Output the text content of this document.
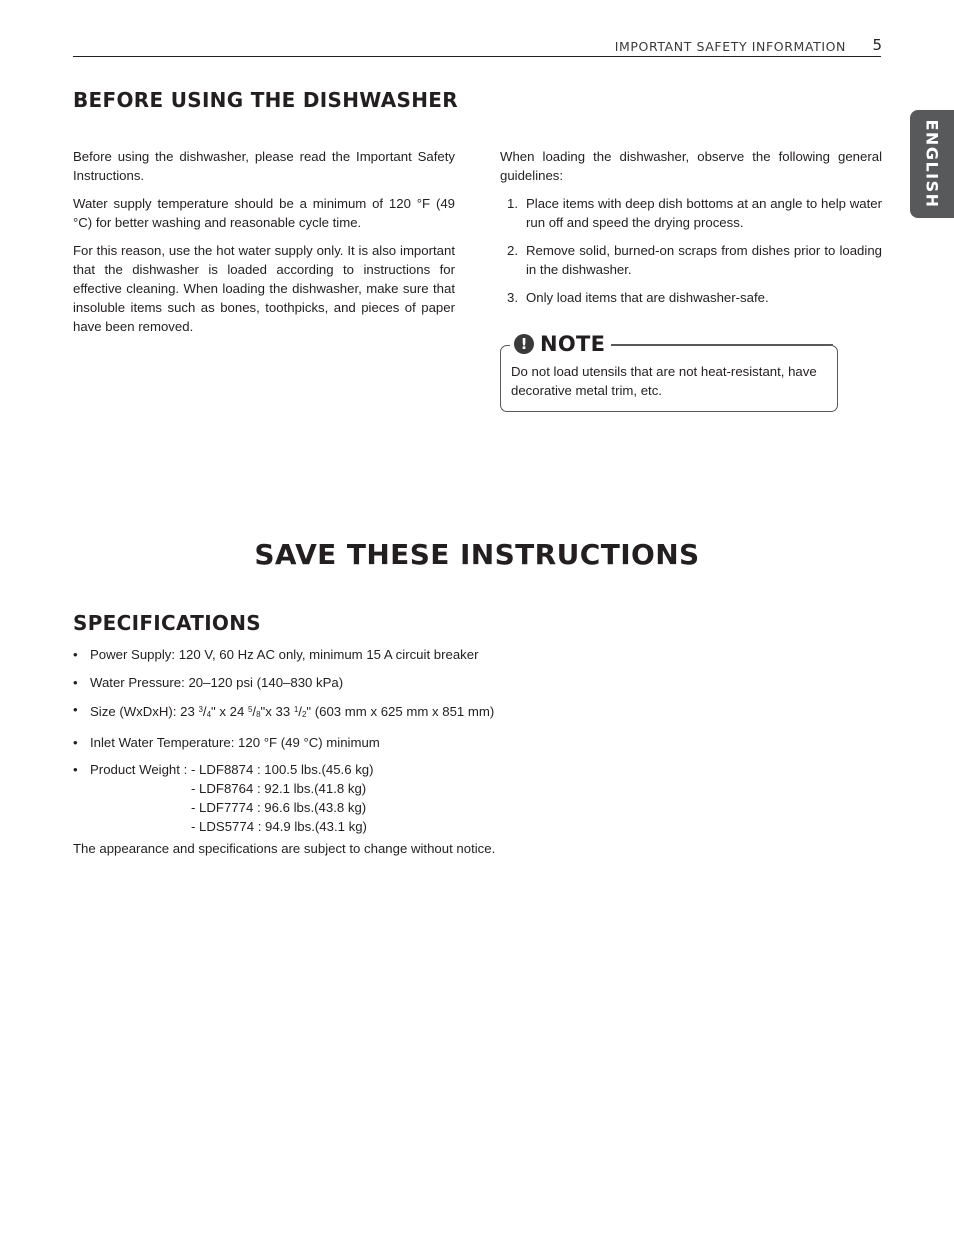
IMPORTANT SAFETY INFORMATION	5
ENGLISH
BEFORE USING THE DISHWASHER

Before using the dishwasher, please read the Important Safety Instructions.

Water supply temperature should be a minimum of 120 °F (49 °C) for better washing and reasonable cycle time.

For this reason, use the hot water supply only. It is also important that the dishwasher is loaded according to instructions for effective cleaning. When loading the dishwasher, make sure that insoluble items such as bones, toothpicks, and pieces of paper have been removed.

When loading the dishwasher, observe the following general guidelines:

1. Place items with deep dish bottoms at an angle to help water run off and speed the drying process.
2. Remove solid, burned-on scraps from dishes prior to loading in the dishwasher.
3. Only load items that are dishwasher-safe.
! NOTE
Do not load utensils that are not heat-resistant, have decorative metal trim, etc.
SAVE THESE INSTRUCTIONS
SPECIFICATIONS
• Power Supply: 120 V, 60 Hz AC only, minimum 15 A circuit breaker
• Water Pressure: 20–120 psi (140–830 kPa)
• Size (WxDxH): 23 $^3/_4$" x 24 $^5/_8"x$ 33 $^1/_2$" (603 mm x 625 mm x 851 mm)
• Inlet Water Temperature: 120 °F (49 °C) minimum
• Product Weight : - LDF8874 : 100.5 lbs.(45.6 kg)
- LDF8764 : 92.1 lbs.(41.8 kg)
- LDF7774 : 96.6 lbs.(43.8 kg)
- LDS5774 : 94.9 lbs.(43.1 kg)
The appearance and specifications are subject to change without notice.
